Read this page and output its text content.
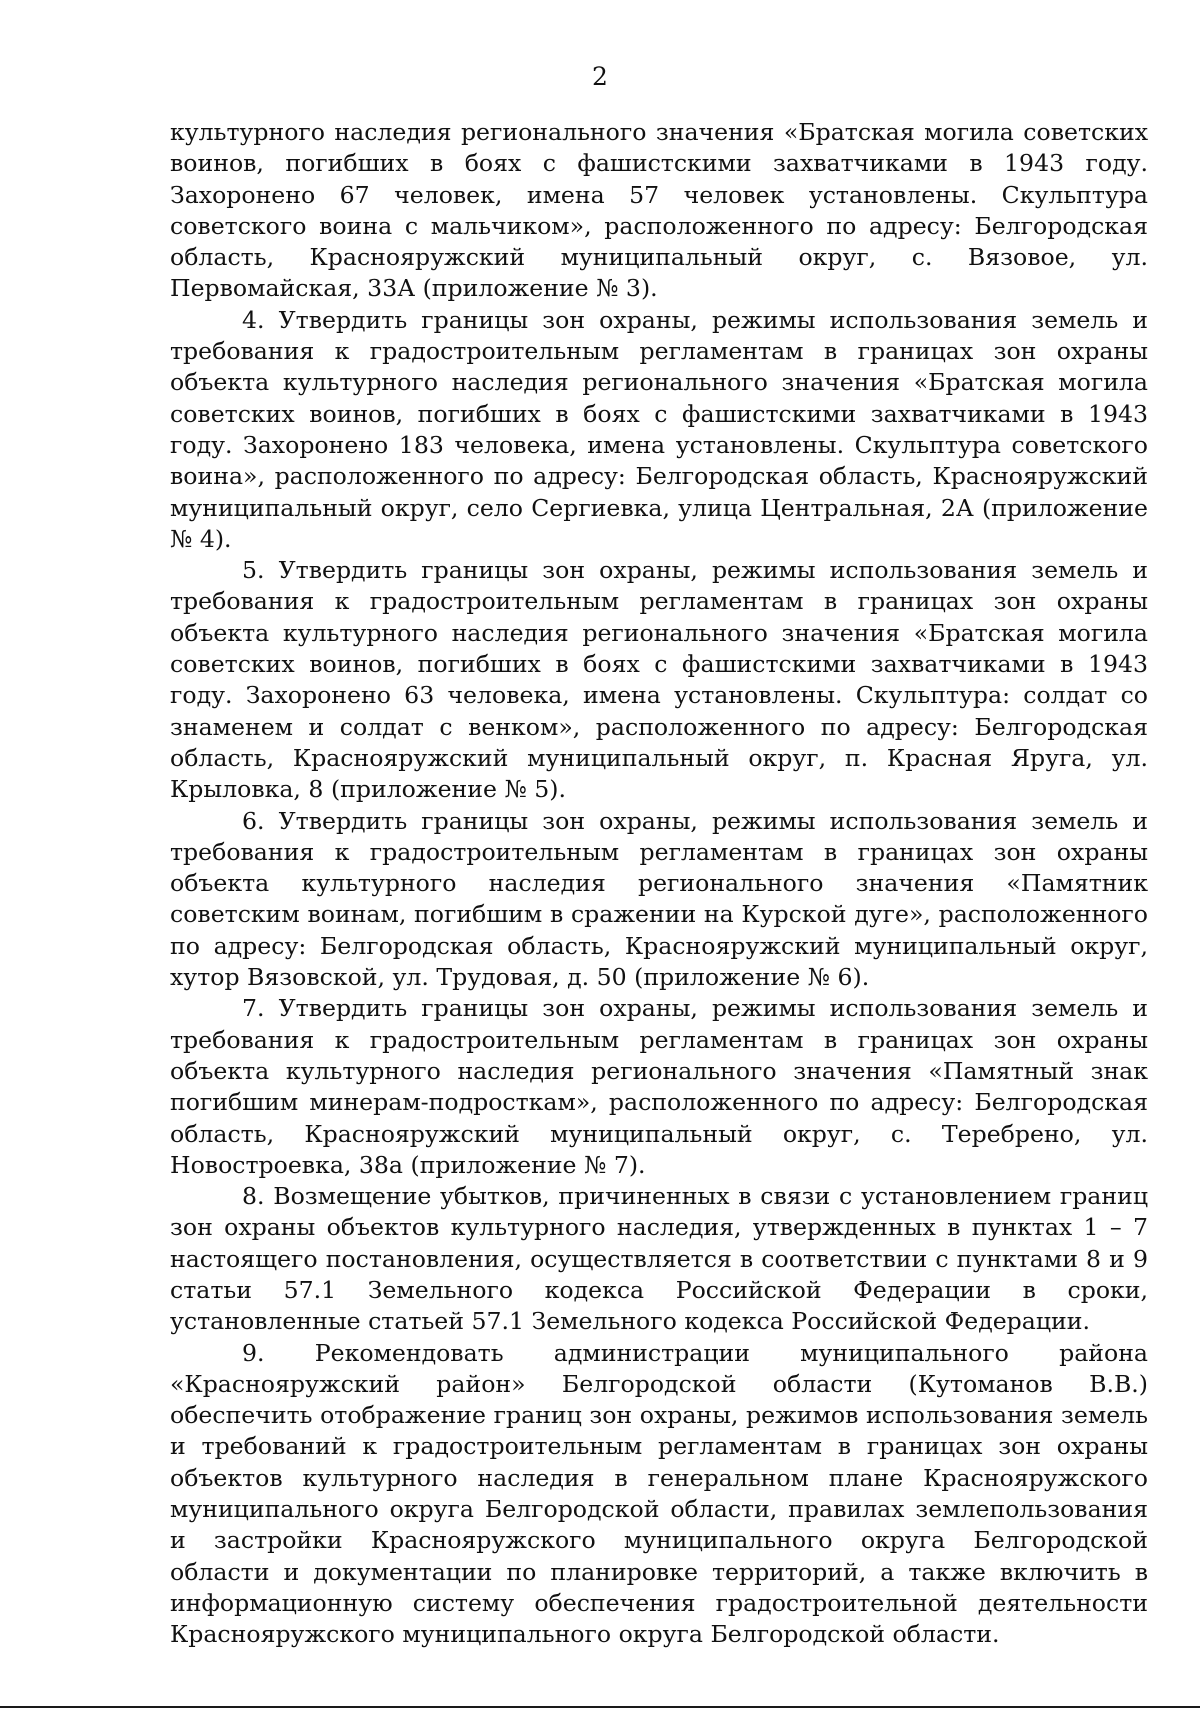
2

культурного наследия регионального значения «Братская могила советских воинов, погибших в боях с фашистскими захватчиками в 1943 году. Захоронено 67 человек, имена 57 человек установлены. Скульптура советского воина с мальчиком», расположенного по адресу: Белгородская область, Краснояружский муниципальный округ, с. Вязовое, ул. Первомайская, 33А (приложение № 3).

4. Утвердить границы зон охраны, режимы использования земель и требования к градостроительным регламентам в границах зон охраны объекта культурного наследия регионального значения «Братская могила советских воинов, погибших в боях с фашистскими захватчиками в 1943 году. Захоронено 183 человека, имена установлены. Скульптура советского воина», расположенного по адресу: Белгородская область, Краснояружский муниципальный округ, село Сергиевка, улица Центральная, 2А (приложение № 4).

5. Утвердить границы зон охраны, режимы использования земель и требования к градостроительным регламентам в границах зон охраны объекта культурного наследия регионального значения «Братская могила советских воинов, погибших в боях с фашистскими захватчиками в 1943 году. Захоронено 63 человека, имена установлены. Скульптура: солдат со знаменем и солдат с венком», расположенного по адресу: Белгородская область, Краснояружский муниципальный округ, п. Красная Яруга, ул. Крыловка, 8 (приложение № 5).

6. Утвердить границы зон охраны, режимы использования земель и требования к градостроительным регламентам в границах зон охраны объекта культурного наследия регионального значения «Памятник советским воинам, погибшим в сражении на Курской дуге», расположенного по адресу: Белгородская область, Краснояружский муниципальный округ, хутор Вязовской, ул. Трудовая, д. 50 (приложение № 6).

7. Утвердить границы зон охраны, режимы использования земель и требования к градостроительным регламентам в границах зон охраны объекта культурного наследия регионального значения «Памятный знак погибшим минерам-подросткам», расположенного по адресу: Белгородская область, Краснояружский муниципальный округ, с. Теребрено, ул. Новостроевка, 38а (приложение № 7).

8. Возмещение убытков, причиненных в связи с установлением границ зон охраны объектов культурного наследия, утвержденных в пунктах 1 – 7 настоящего постановления, осуществляется в соответствии с пунктами 8 и 9 статьи 57.1 Земельного кодекса Российской Федерации в сроки, установленные статьей 57.1 Земельного кодекса Российской Федерации.

9. Рекомендовать администрации муниципального района «Краснояружский район» Белгородской области (Кутоманов В.В.) обеспечить отображение границ зон охраны, режимов использования земель и требований к градостроительным регламентам в границах зон охраны объектов культурного наследия в генеральном плане Краснояружского муниципального округа Белгородской области, правилах землепользования и застройки Краснояружского муниципального округа Белгородской области и документации по планировке территорий, а также включить в информационную систему обеспечения градостроительной деятельности Краснояружского муниципального округа Белгородской области.
